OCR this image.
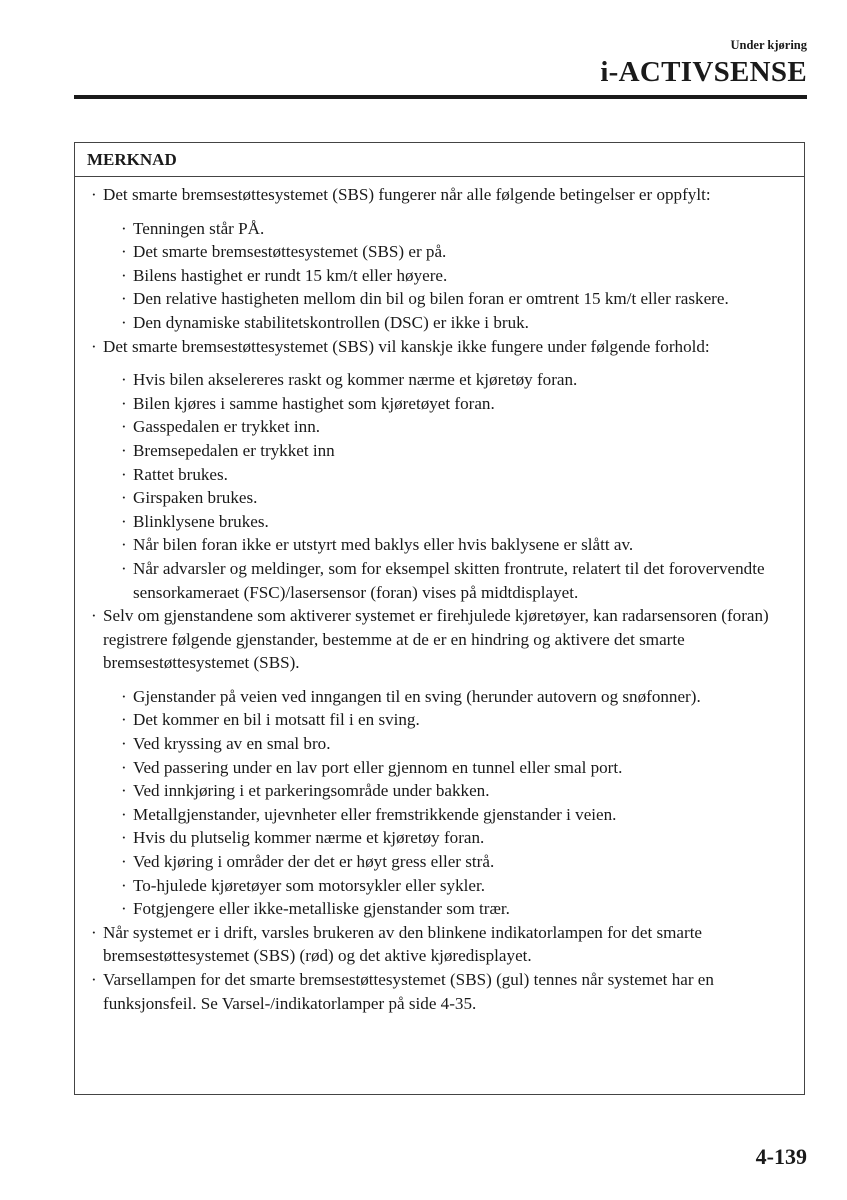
Under kjøring
i-ACTIVSENSE
MERKNAD
· Det smarte bremsestøttesystemet (SBS) fungerer når alle følgende betingelser er oppfylt:
· Tenningen står PÅ.
· Det smarte bremsestøttesystemet (SBS) er på.
· Bilens hastighet er rundt 15 km/t eller høyere.
· Den relative hastigheten mellom din bil og bilen foran er omtrent 15 km/t eller raskere.
· Den dynamiske stabilitetskontrollen (DSC) er ikke i bruk.
· Det smarte bremsestøttesystemet (SBS) vil kanskje ikke fungere under følgende forhold:
· Hvis bilen akselereres raskt og kommer nærme et kjøretøy foran.
· Bilen kjøres i samme hastighet som kjøretøyet foran.
· Gasspedalen er trykket inn.
· Bremsepedalen er trykket inn
· Rattet brukes.
· Girspaken brukes.
· Blinklysene brukes.
· Når bilen foran ikke er utstyrt med baklys eller hvis baklysene er slått av.
· Når advarsler og meldinger, som for eksempel skitten frontrute, relatert til det forovervendte sensorkameraet (FSC)/lasersensor (foran) vises på midtdisplayet.
· Selv om gjenstandene som aktiverer systemet er firehjulede kjøretøyer, kan radarsensoren (foran) registrere følgende gjenstander, bestemme at de er en hindring og aktivere det smarte bremsestøttesystemet (SBS).
· Gjenstander på veien ved inngangen til en sving (herunder autovern og snøfonner).
· Det kommer en bil i motsatt fil i en sving.
· Ved kryssing av en smal bro.
· Ved passering under en lav port eller gjennom en tunnel eller smal port.
· Ved innkjøring i et parkeringsområde under bakken.
· Metallgjenstander, ujevnheter eller fremstrikkende gjenstander i veien.
· Hvis du plutselig kommer nærme et kjøretøy foran.
· Ved kjøring i områder der det er høyt gress eller strå.
· To-hjulede kjøretøyer som motorsykler eller sykler.
· Fotgjengere eller ikke-metalliske gjenstander som trær.
· Når systemet er i drift, varsles brukeren av den blinkene indikatorlampen for det smarte bremsestøttesystemet (SBS) (rød) og det aktive kjøredisplayet.
· Varsellampen for det smarte bremsestøttesystemet (SBS) (gul) tennes når systemet har en funksjonsfeil. Se Varsel-/indikatorlamper på side 4-35.
4-139
